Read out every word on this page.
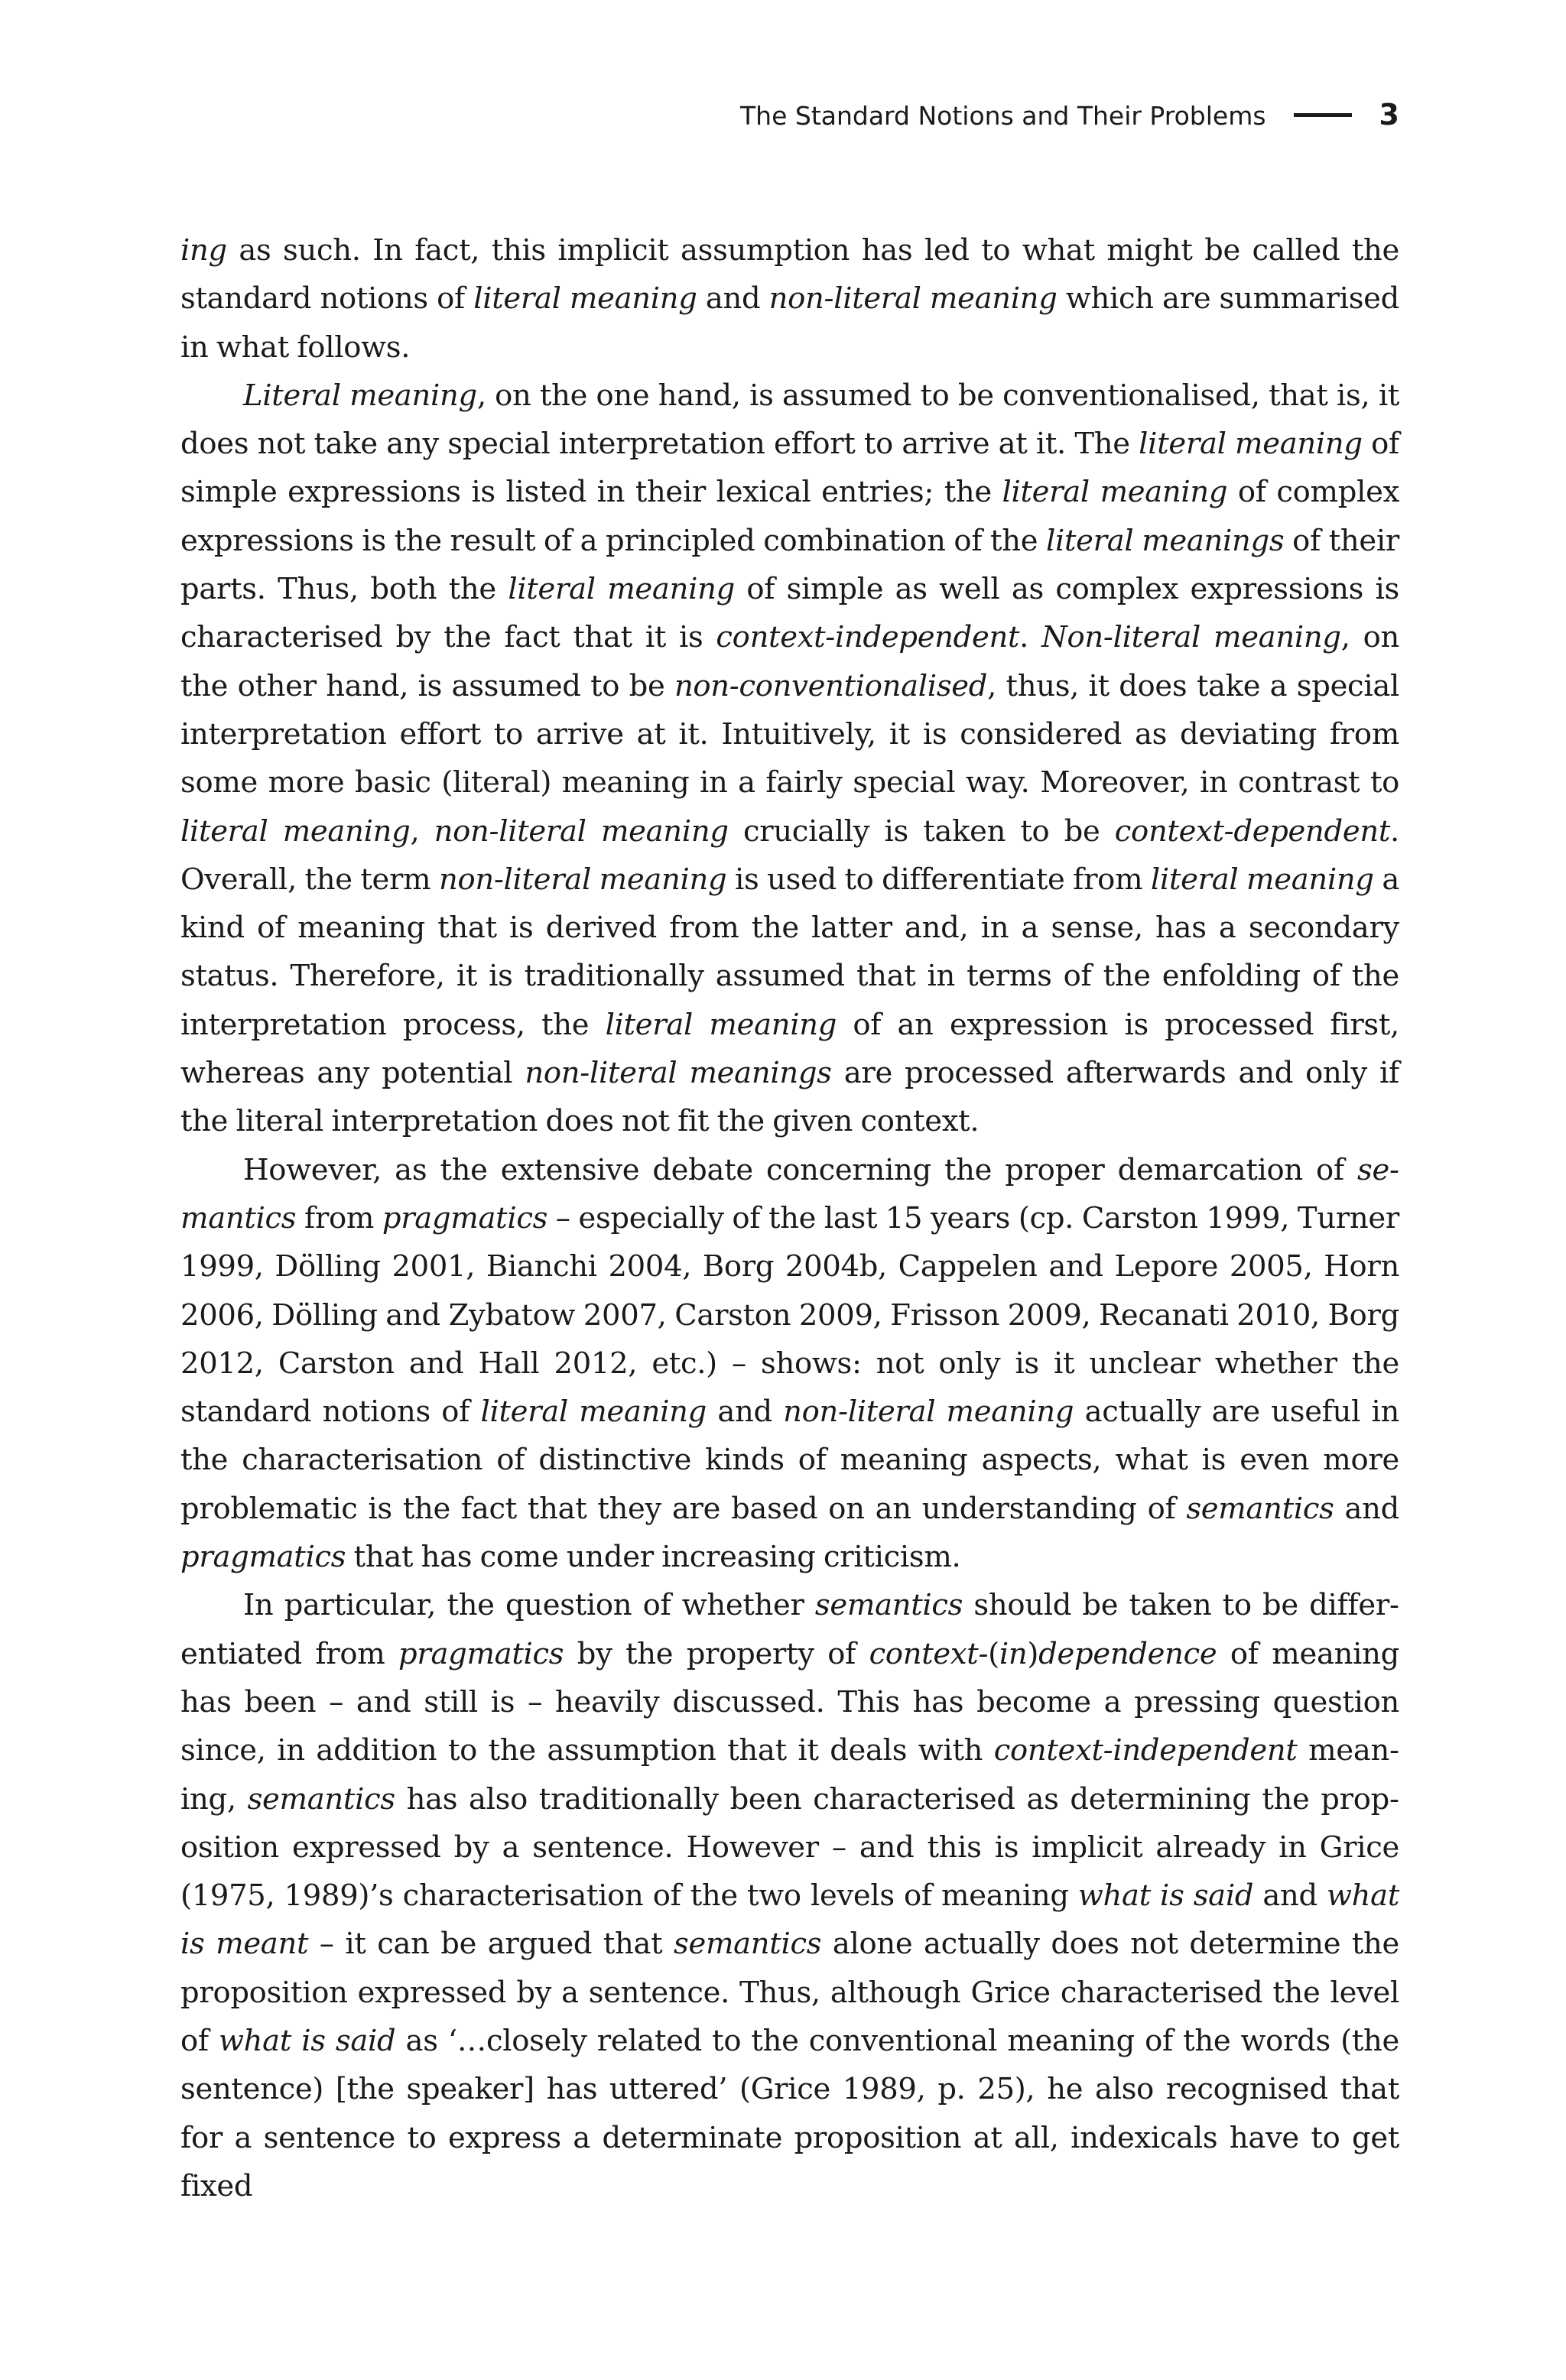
The Standard Notions and Their Problems	3

ing as such. In fact, this implicit assumption has led to what might be called the standard notions of literal meaning and non-literal meaning which are summarised in what follows.

Literal meaning, on the one hand, is assumed to be conventionalised, that is, it does not take any special interpretation effort to arrive at it. The literal meaning of simple expressions is listed in their lexical entries; the literal meaning of complex expressions is the result of a principled combination of the literal meanings of their parts. Thus, both the literal meaning of simple as well as complex expressions is characterised by the fact that it is context-independent. Non-literal meaning, on the other hand, is assumed to be non-conventionalised, thus, it does take a special interpretation effort to arrive at it. Intuitively, it is considered as deviating from some more basic (literal) meaning in a fairly special way. Moreover, in contrast to literal meaning, non-literal meaning crucially is taken to be context-dependent. Overall, the term non-literal meaning is used to differentiate from literal meaning a kind of meaning that is derived from the latter and, in a sense, has a secondary status. Therefore, it is traditionally assumed that in terms of the enfolding of the interpretation process, the literal meaning of an expression is processed first, whereas any potential non-literal meanings are processed afterwards and only if the literal interpretation does not fit the given context.

However, as the extensive debate concerning the proper demarcation of semantics from pragmatics – especially of the last 15 years (cp. Carston 1999, Turner 1999, Dölling 2001, Bianchi 2004, Borg 2004b, Cappelen and Lepore 2005, Horn 2006, Dölling and Zybatow 2007, Carston 2009, Frisson 2009, Recanati 2010, Borg 2012, Carston and Hall 2012, etc.) – shows: not only is it unclear whether the standard notions of literal meaning and non-literal meaning actually are useful in the characterisation of distinctive kinds of meaning aspects, what is even more problematic is the fact that they are based on an understanding of semantics and pragmatics that has come under increasing criticism.

In particular, the question of whether semantics should be taken to be differentiated from pragmatics by the property of context-(in)dependence of meaning has been – and still is – heavily discussed. This has become a pressing question since, in addition to the assumption that it deals with context-independent meaning, semantics has also traditionally been characterised as determining the proposition expressed by a sentence. However – and this is implicit already in Grice (1975, 1989)’s characterisation of the two levels of meaning what is said and what is meant – it can be argued that semantics alone actually does not determine the proposition expressed by a sentence. Thus, although Grice characterised the level of what is said as ‘…closely related to the conventional meaning of the words (the sentence) [the speaker] has uttered’ (Grice 1989, p. 25), he also recognised that for a sentence to express a determinate proposition at all, indexicals have to get fixed
